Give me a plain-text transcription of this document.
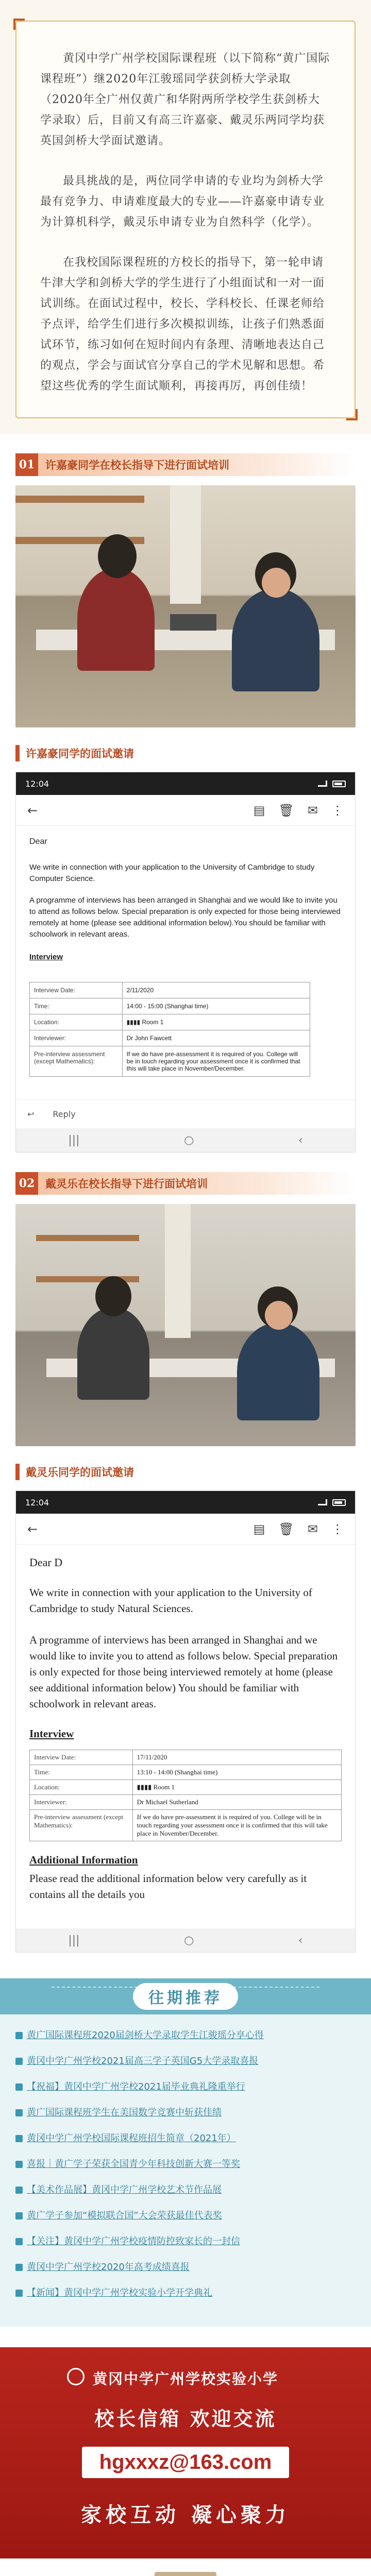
黄冈中学广州学校国际课程班（以下简称“黄广国际课程班”）继2020年江骏瑶同学获剑桥大学录取（2020年全广州仅黄广和华附两所学校学生获剑桥大学录取）后，目前又有高三许嘉豪、戴灵乐两同学均获英国剑桥大学面试邀请。

最具挑战的是，两位同学申请的专业均为剑桥大学最有竞争力、申请难度最大的专业——许嘉豪申请专业为计算机科学，戴灵乐申请专业为自然科学（化学）。

在我校国际课程班的方校长的指导下，第一轮申请牛津大学和剑桥大学的学生进行了小组面试和一对一面试训练。在面试过程中，校长、学科校长、任课老师给予点评，给学生们进行多次模拟训练，让孩子们熟悉面试环节，练习如何在短时间内有条理、清晰地表达自己的观点，学会与面试官分享自己的学术见解和思想。希望这些优秀的学生面试顺利，再接再厉，再创佳绩！

01 许嘉豪同学在校长指导下进行面试培训
许嘉豪同学的面试邀请
12:04
←	▤ 🗑 ✉ ⋮
Dear
We write in connection with your application to the University of Cambridge to study Computer Science.
A programme of interviews has been arranged in Shanghai and we would like to invite you to attend as follows below. Special preparation is only expected for those being interviewed remotely at home (please see additional information below).You should be familiar with schoolwork in relevant areas.
Interview
Interview Date:	2/11/2020
Time:	14:00 - 15:00 (Shanghai time)
Location:	▮▮▮▮ Room 1
Interviewer:	Dr John Fawcett
Pre-interview assessment (except Mathematics):	If we do have pre-assessment it is required of you. College will be in touch regarding your assessment once it is confirmed that this will take place in November/December.
↩ Reply
|||	○	‹
02 戴灵乐在校长指导下进行面试培训
戴灵乐同学的面试邀请
12:04
←	▤ 🗑 ✉ ⋮
Dear D
We write in connection with your application to the University of Cambridge to study Natural Sciences.
A programme of interviews has been arranged in Shanghai and we would like to invite you to attend as follows below. Special preparation is only expected for those being interviewed remotely at home (please see additional information below) You should be familiar with schoolwork in relevant areas.
Interview
Interview Date:	17/11/2020
Time:	13:10 - 14:00 (Shanghai time)
Location:	▮▮▮▮ Room 1
Interviewer:	Dr Michael Sutherland
Pre-interview assessment (except Mathematics):	If we do have pre-assessment it is required of you. College will be in touch regarding your assessment once it is confirmed that this will take place in November/December.
Additional Information
Please read the additional information below very carefully as it contains all the details you
|||	○	‹
往期推荐
黄广国际课程班2020届剑桥大学录取学生江骏瑶分享心得
黄冈中学广州学校2021届高三学子英国G5大学录取喜报
【祝福】黄冈中学广州学校2021届毕业典礼隆重举行
黄广国际课程班学生在美国数学竞赛中斩获佳绩
黄冈中学广州学校国际课程班招生简章（2021年）
喜报｜黄广学子荣获全国青少年科技创新大赛一等奖
【美术作品展】黄冈中学广州学校艺术节作品展
黄广学子参加“模拟联合国”大会荣获最佳代表奖
【关注】黄冈中学广州学校疫情防控致家长的一封信
黄冈中学广州学校2020年高考成绩喜报
【新闻】黄冈中学广州学校实验小学开学典礼
黄冈中学广州学校实验小学
校长信箱 欢迎交流
hgxxxz@163.com
家校互动 凝心聚力
